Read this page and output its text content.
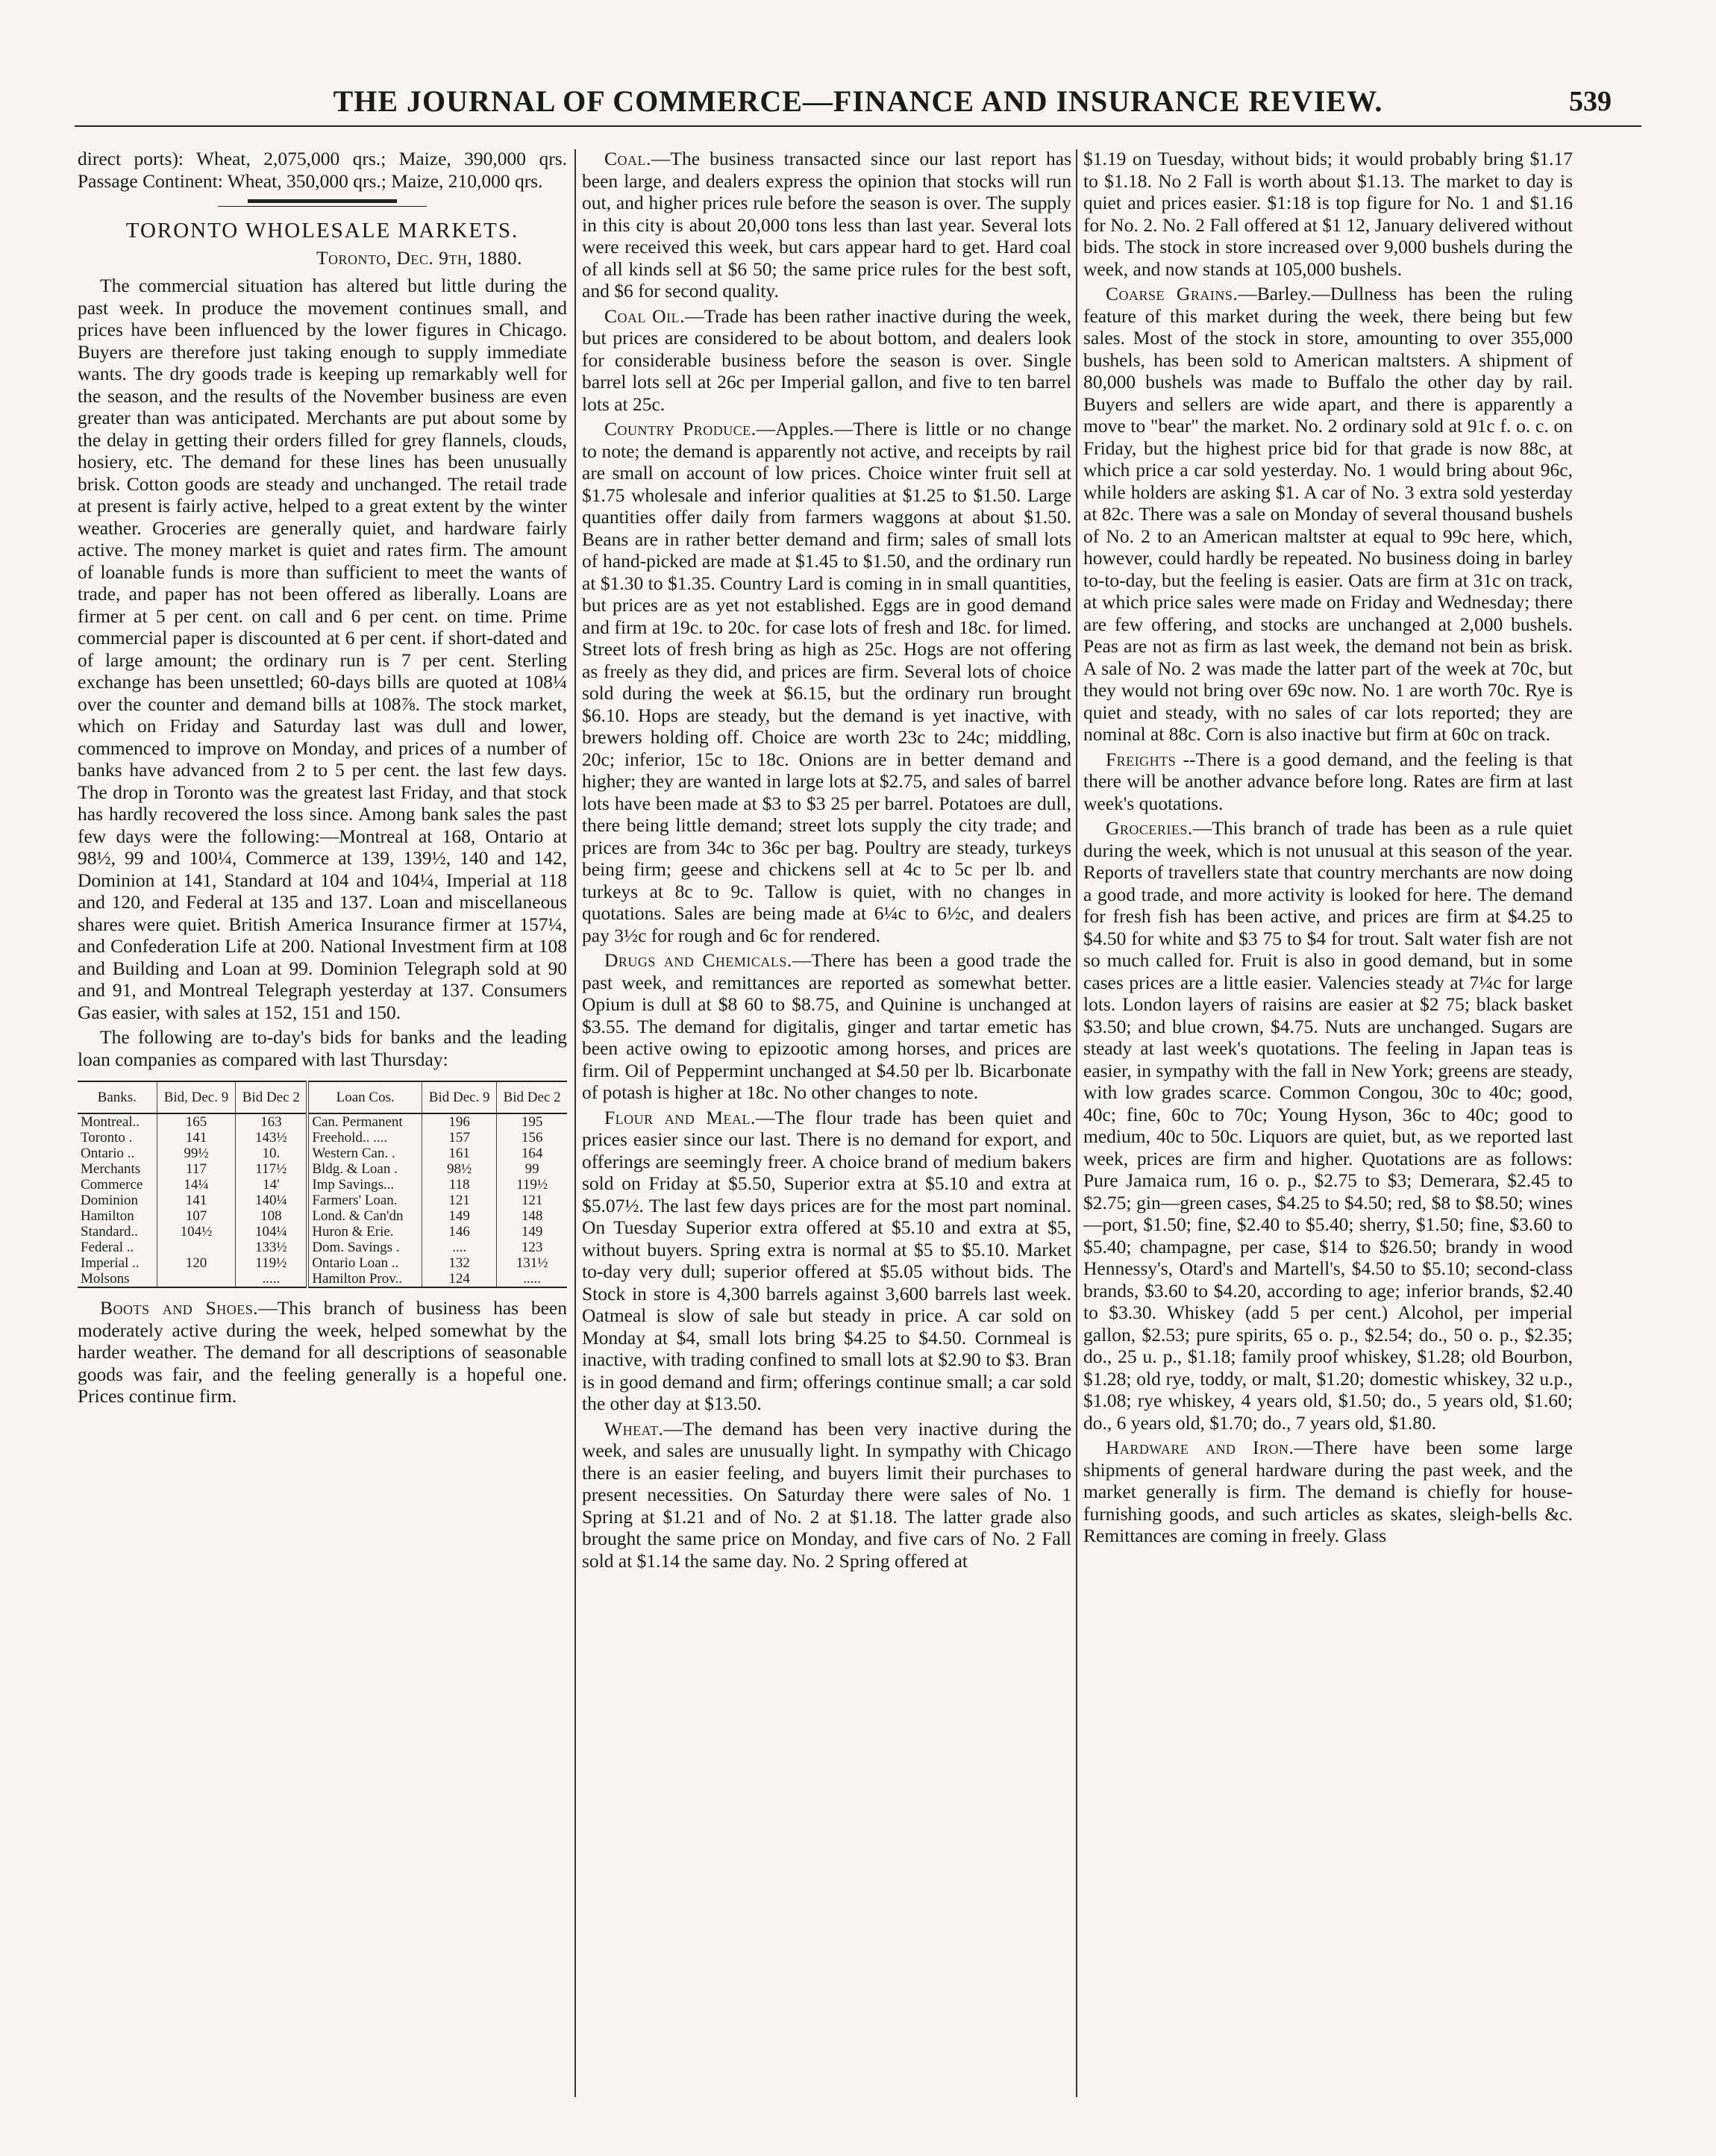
THE JOURNAL OF COMMERCE—FINANCE AND INSURANCE REVIEW.	539

direct ports): Wheat, 2,075,000 qrs.; Maize, 390,000 qrs. Passage Continent: Wheat, 350,000 qrs.; Maize, 210,000 qrs.

TORONTO WHOLESALE MARKETS.
Toronto, Dec. 9th, 1880.

The commercial situation has altered but little during the past week. In produce the movement continues small, and prices have been influenced by the lower figures in Chicago. Buyers are therefore just taking enough to supply immediate wants. The dry goods trade is keeping up remarkably well for the season, and the results of the November business are even greater than was anticipated. Merchants are put about some by the delay in getting their orders filled for grey flannels, clouds, hosiery, etc. The demand for these lines has been unusually brisk. Cotton goods are steady and unchanged. The retail trade at present is fairly active, helped to a great extent by the winter weather. Groceries are generally quiet, and hardware fairly active. The money market is quiet and rates firm. The amount of loanable funds is more than sufficient to meet the wants of trade, and paper has not been offered as liberally. Loans are firmer at 5 per cent. on call and 6 per cent. on time. Prime commercial paper is discounted at 6 per cent. if short-dated and of large amount; the ordinary run is 7 per cent. Sterling exchange has been unsettled; 60-days bills are quoted at 108¼ over the counter and demand bills at 108⅞. The stock market, which on Friday and Saturday last was dull and lower, commenced to improve on Monday, and prices of a number of banks have advanced from 2 to 5 per cent. the last few days. The drop in Toronto was the greatest last Friday, and that stock has hardly recovered the loss since. Among bank sales the past few days were the following:—Montreal at 168, Ontario at 98½, 99 and 100¼, Commerce at 139, 139½, 140 and 142, Dominion at 141, Standard at 104 and 104¼, Imperial at 118 and 120, and Federal at 135 and 137. Loan and miscellaneous shares were quiet. British America Insurance firmer at 157¼, and Confederation Life at 200. National Investment firm at 108 and Building and Loan at 99. Dominion Telegraph sold at 90 and 91, and Montreal Telegraph yesterday at 137. Consumers Gas easier, with sales at 152, 151 and 150.

The following are to-day's bids for banks and the leading loan companies as compared with last Thursday:

Banks.	Bid, Dec. 9	Bid Dec 2	Loan Cos.	Bid Dec. 9	Bid Dec 2
Montreal..	165	163	Can. Permanent	196	195
Toronto .	141	143½	Freehold.. ....	157	156
Ontario ..	99½	10.	Western Can. .	161	164
Merchants	117	117½	Bldg. & Loan .	98½	99
Commerce	14¼	14'	Imp Savings...	118	119½
Dominion	141	140¼	Farmers' Loan.	121	121
Hamilton	107	108	Lond. & Can'dn	149	148
Standard..	104½	104¼	Huron & Erie.	146	149
Federal ..		133½	Dom. Savings .	....	123
Imperial ..	120	119½	Ontario Loan ..	132	131½
Molsons		.....	Hamilton Prov..	124	.....

Boots and Shoes.—This branch of business has been moderately active during the week, helped somewhat by the harder weather. The demand for all descriptions of seasonable goods was fair, and the feeling generally is a hopeful one. Prices continue firm.

Coal.—The business transacted since our last report has been large, and dealers express the opinion that stocks will run out, and higher prices rule before the season is over. The supply in this city is about 20,000 tons less than last year. Several lots were received this week, but cars appear hard to get. Hard coal of all kinds sell at $6 50; the same price rules for the best soft, and $6 for second quality.

Coal Oil.—Trade has been rather inactive during the week, but prices are considered to be about bottom, and dealers look for considerable business before the season is over. Single barrel lots sell at 26c per Imperial gallon, and five to ten barrel lots at 25c.

Country Produce.—Apples.—There is little or no change to note; the demand is apparently not active, and receipts by rail are small on account of low prices. Choice winter fruit sell at $1.75 wholesale and inferior qualities at $1.25 to $1.50. Large quantities offer daily from farmers waggons at about $1.50. Beans are in rather better demand and firm; sales of small lots of hand-picked are made at $1.45 to $1.50, and the ordinary run at $1.30 to $1.35. Country Lard is coming in in small quantities, but prices are as yet not established. Eggs are in good demand and firm at 19c. to 20c. for case lots of fresh and 18c. for limed. Street lots of fresh bring as high as 25c. Hogs are not offering as freely as they did, and prices are firm. Several lots of choice sold during the week at $6.15, but the ordinary run brought $6.10. Hops are steady, but the demand is yet inactive, with brewers holding off. Choice are worth 23c to 24c; middling, 20c; inferior, 15c to 18c. Onions are in better demand and higher; they are wanted in large lots at $2.75, and sales of barrel lots have been made at $3 to $3 25 per barrel. Potatoes are dull, there being little demand; street lots supply the city trade; and prices are from 34c to 36c per bag. Poultry are steady, turkeys being firm; geese and chickens sell at 4c to 5c per lb. and turkeys at 8c to 9c. Tallow is quiet, with no changes in quotations. Sales are being made at 6¼c to 6½c, and dealers pay 3½c for rough and 6c for rendered.

Drugs and Chemicals.—There has been a good trade the past week, and remittances are reported as somewhat better. Opium is dull at $8 60 to $8.75, and Quinine is unchanged at $3.55. The demand for digitalis, ginger and tartar emetic has been active owing to epizootic among horses, and prices are firm. Oil of Peppermint unchanged at $4.50 per lb. Bicarbonate of potash is higher at 18c. No other changes to note.

Flour and Meal.—The flour trade has been quiet and prices easier since our last. There is no demand for export, and offerings are seemingly freer. A choice brand of medium bakers sold on Friday at $5.50, Superior extra at $5.10 and extra at $5.07½. The last few days prices are for the most part nominal. On Tuesday Superior extra offered at $5.10 and extra at $5, without buyers. Spring extra is normal at $5 to $5.10. Market to-day very dull; superior offered at $5.05 without bids. The Stock in store is 4,300 barrels against 3,600 barrels last week. Oatmeal is slow of sale but steady in price. A car sold on Monday at $4, small lots bring $4.25 to $4.50. Cornmeal is inactive, with trading confined to small lots at $2.90 to $3. Bran is in good demand and firm; offerings continue small; a car sold the other day at $13.50.

Wheat.—The demand has been very inactive during the week, and sales are unusually light. In sympathy with Chicago there is an easier feeling, and buyers limit their purchases to present necessities. On Saturday there were sales of No. 1 Spring at $1.21 and of No. 2 at $1.18. The latter grade also brought the same price on Monday, and five cars of No. 2 Fall sold at $1.14 the same day. No. 2 Spring offered at

$1.19 on Tuesday, without bids; it would probably bring $1.17 to $1.18. No 2 Fall is worth about $1.13. The market to day is quiet and prices easier. $1:18 is top figure for No. 1 and $1.16 for No. 2. No. 2 Fall offered at $1 12, January delivered without bids. The stock in store increased over 9,000 bushels during the week, and now stands at 105,000 bushels.

Coarse Grains.—Barley.—Dullness has been the ruling feature of this market during the week, there being but few sales. Most of the stock in store, amounting to over 355,000 bushels, has been sold to American maltsters. A shipment of 80,000 bushels was made to Buffalo the other day by rail. Buyers and sellers are wide apart, and there is apparently a move to "bear" the market. No. 2 ordinary sold at 91c f. o. c. on Friday, but the highest price bid for that grade is now 88c, at which price a car sold yesterday. No. 1 would bring about 96c, while holders are asking $1. A car of No. 3 extra sold yesterday at 82c. There was a sale on Monday of several thousand bushels of No. 2 to an American maltster at equal to 99c here, which, however, could hardly be repeated. No business doing in barley to-to-day, but the feeling is easier. Oats are firm at 31c on track, at which price sales were made on Friday and Wednesday; there are few offering, and stocks are unchanged at 2,000 bushels. Peas are not as firm as last week, the demand not bein as brisk. A sale of No. 2 was made the latter part of the week at 70c, but they would not bring over 69c now. No. 1 are worth 70c. Rye is quiet and steady, with no sales of car lots reported; they are nominal at 88c. Corn is also inactive but firm at 60c on track.

Freights --There is a good demand, and the feeling is that there will be another advance before long. Rates are firm at last week's quotations.

Groceries.—This branch of trade has been as a rule quiet during the week, which is not unusual at this season of the year. Reports of travellers state that country merchants are now doing a good trade, and more activity is looked for here. The demand for fresh fish has been active, and prices are firm at $4.25 to $4.50 for white and $3 75 to $4 for trout. Salt water fish are not so much called for. Fruit is also in good demand, but in some cases prices are a little easier. Valencies steady at 7¼c for large lots. London layers of raisins are easier at $2 75; black basket $3.50; and blue crown, $4.75. Nuts are unchanged. Sugars are steady at last week's quotations. The feeling in Japan teas is easier, in sympathy with the fall in New York; greens are steady, with low grades scarce. Common Congou, 30c to 40c; good, 40c; fine, 60c to 70c; Young Hyson, 36c to 40c; good to medium, 40c to 50c. Liquors are quiet, but, as we reported last week, prices are firm and higher. Quotations are as follows: Pure Jamaica rum, 16 o. p., $2.75 to $3; Demerara, $2.45 to $2.75; gin—green cases, $4.25 to $4.50; red, $8 to $8.50; wines—port, $1.50; fine, $2.40 to $5.40; sherry, $1.50; fine, $3.60 to $5.40; champagne, per case, $14 to $26.50; brandy in wood Hennessy's, Otard's and Martell's, $4.50 to $5.10; second-class brands, $3.60 to $4.20, according to age; inferior brands, $2.40 to $3.30. Whiskey (add 5 per cent.) Alcohol, per imperial gallon, $2.53; pure spirits, 65 o. p., $2.54; do., 50 o. p., $2.35; do., 25 u. p., $1.18; family proof whiskey, $1.28; old Bourbon, $1.28; old rye, toddy, or malt, $1.20; domestic whiskey, 32 u.p., $1.08; rye whiskey, 4 years old, $1.50; do., 5 years old, $1.60; do., 6 years old, $1.70; do., 7 years old, $1.80.

Hardware and Iron.—There have been some large shipments of general hardware during the past week, and the market generally is firm. The demand is chiefly for house-furnishing goods, and such articles as skates, sleigh-bells &c. Remittances are coming in freely. Glass
